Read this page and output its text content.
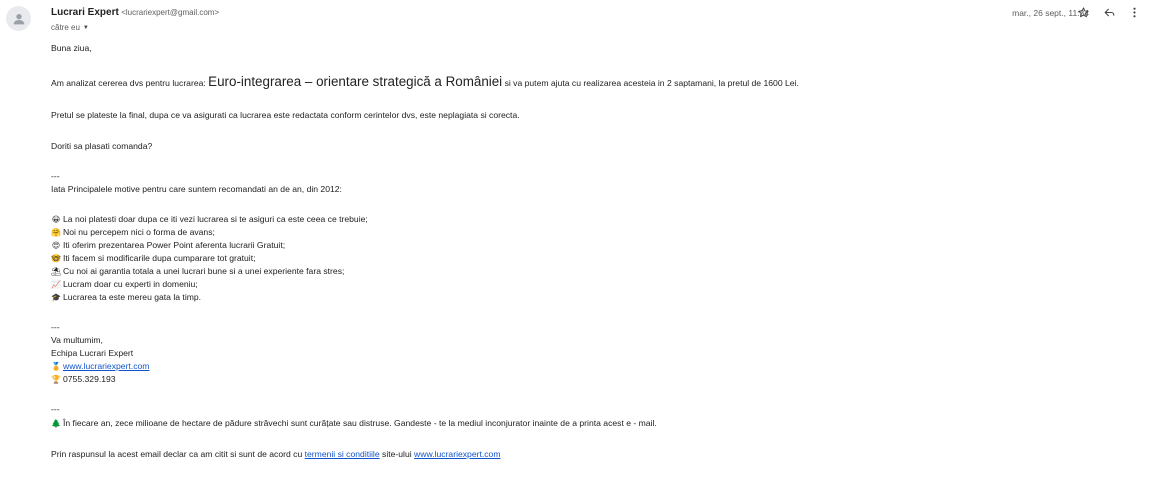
Lucrari Expert <lucrariexpert@gmail.com>
către eu ▼
mar., 26 sept., 11:34
Buna ziua,
Am analizat cererea dvs pentru lucrarea: Euro-integrarea – orientare strategică a României si va putem ajuta cu realizarea acesteia in 2 saptamani, la pretul de 1600 Lei.
Pretul se plateste la final, dupa ce va asigurati ca lucrarea este redactata conform cerintelor dvs, este neplagiata si corecta.
Doriti sa plasati comanda?
---
Iata Principalele motive pentru care suntem recomandati an de an, din 2012:
😀 La noi platesti doar dupa ce iti vezi lucrarea si te asiguri ca este ceea ce trebuie;
🤗 Noi nu percepem nici o forma de avans;
😍 Iti oferim prezentarea Power Point aferenta lucrarii Gratuit;
🤓 Iti facem si modificarile dupa cumparare tot gratuit;
⛱ Cu noi ai garantia totala a unei lucrari bune si a unei experiente fara stres;
📈 Lucram doar cu experti in domeniu;
🎓 Lucrarea ta este mereu gata la timp.
---
Va multumim,
Echipa Lucrari Expert
🏅 www.lucrariexpert.com
🏆 0755.329.193
---
🌲 În fiecare an, zece milioane de hectare de pădure străvechi sunt curățate sau distruse. Gandeste - te la mediul inconjurator inainte de a printa acest e - mail.
Prin raspunsul la acest email declar ca am citit si sunt de acord cu termenii si conditiile site-ului www.lucrariexpert.com
